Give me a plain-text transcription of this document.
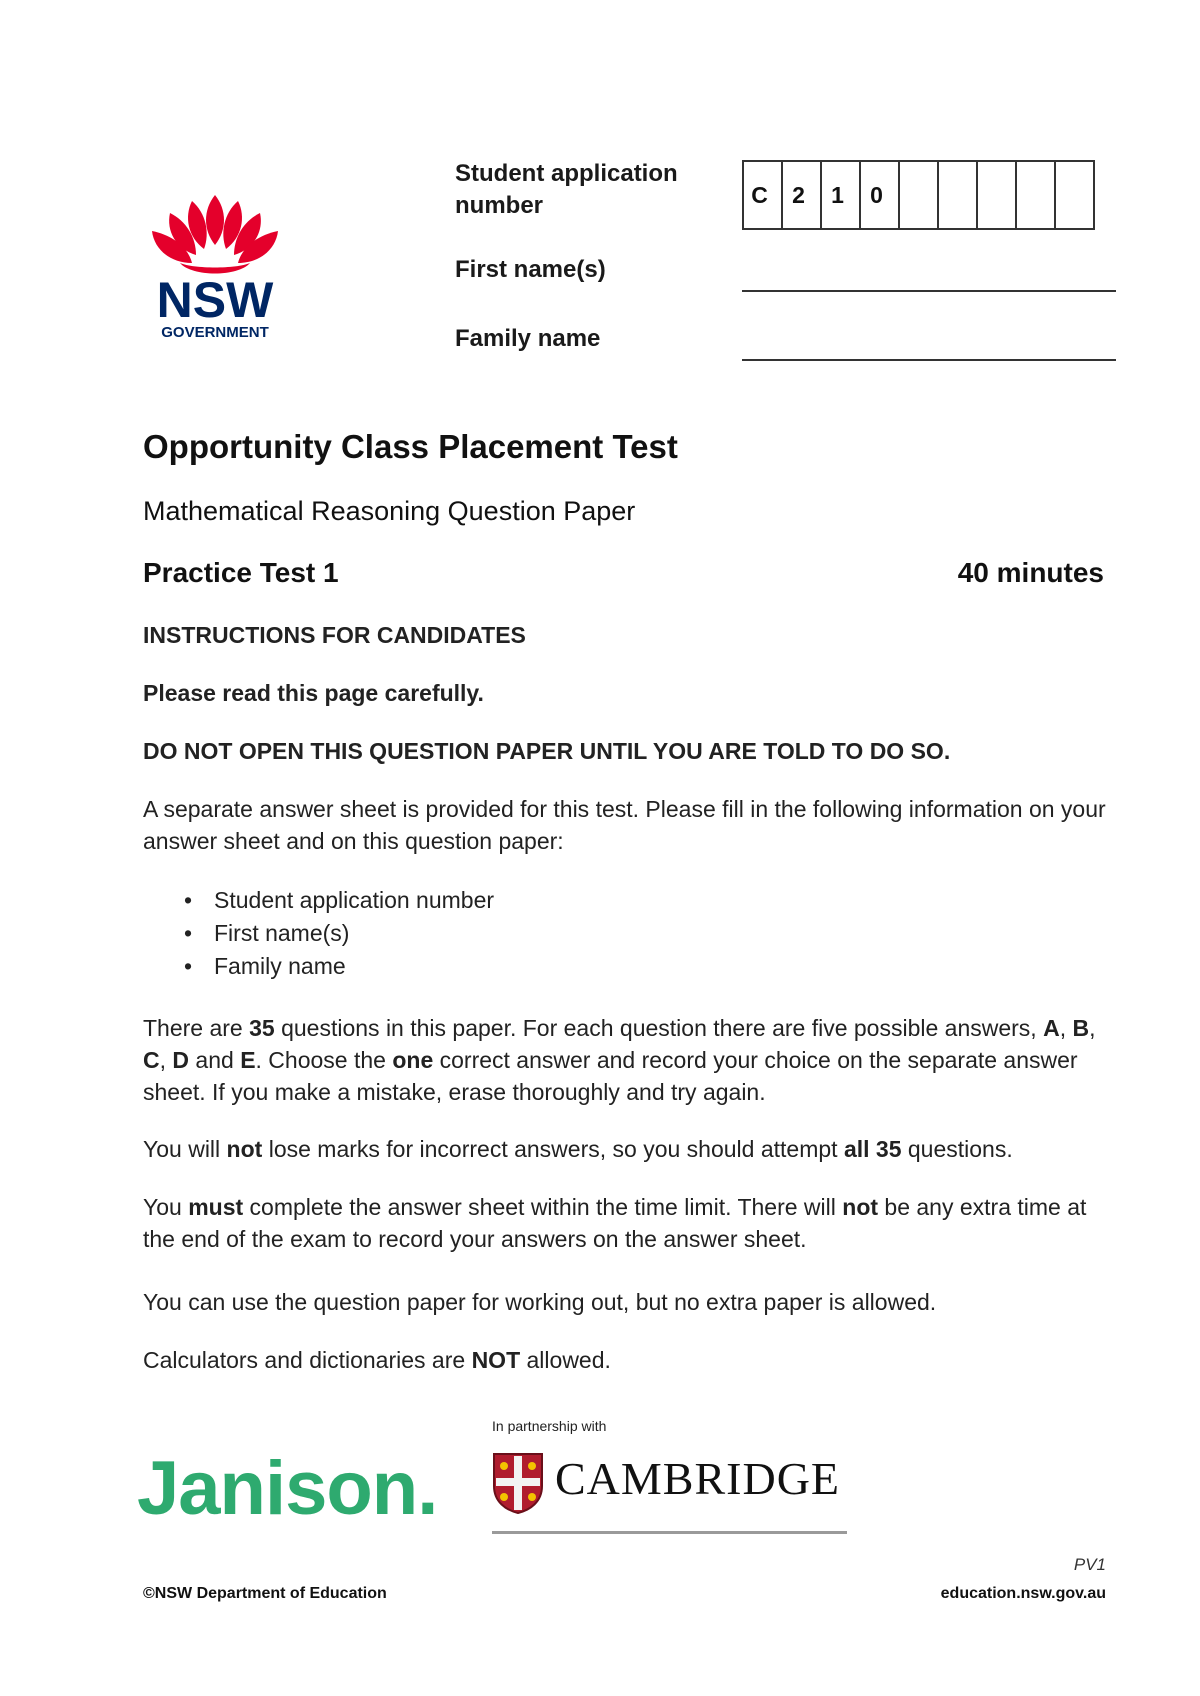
NSW
GOVERNMENT
Student application number	C	2	1	0
First name(s)
Family name
Opportunity Class Placement Test
Mathematical Reasoning Question Paper
Practice Test 1	40 minutes
INSTRUCTIONS FOR CANDIDATES
Please read this page carefully.
DO NOT OPEN THIS QUESTION PAPER UNTIL YOU ARE TOLD TO DO SO.
A separate answer sheet is provided for this test. Please fill in the following information on your answer sheet and on this question paper:
• Student application number
• First name(s)
• Family name
There are 35 questions in this paper. For each question there are five possible answers, A, B, C, D and E. Choose the one correct answer and record your choice on the separate answer sheet. If you make a mistake, erase thoroughly and try again.
You will not lose marks for incorrect answers, so you should attempt all 35 questions.
You must complete the answer sheet within the time limit. There will not be any extra time at the end of the exam to record your answers on the answer sheet.
You can use the question paper for working out, but no extra paper is allowed.
Calculators and dictionaries are NOT allowed.
Janison.
In partnership with
CAMBRIDGE
PV1
©NSW Department of Education	education.nsw.gov.au
